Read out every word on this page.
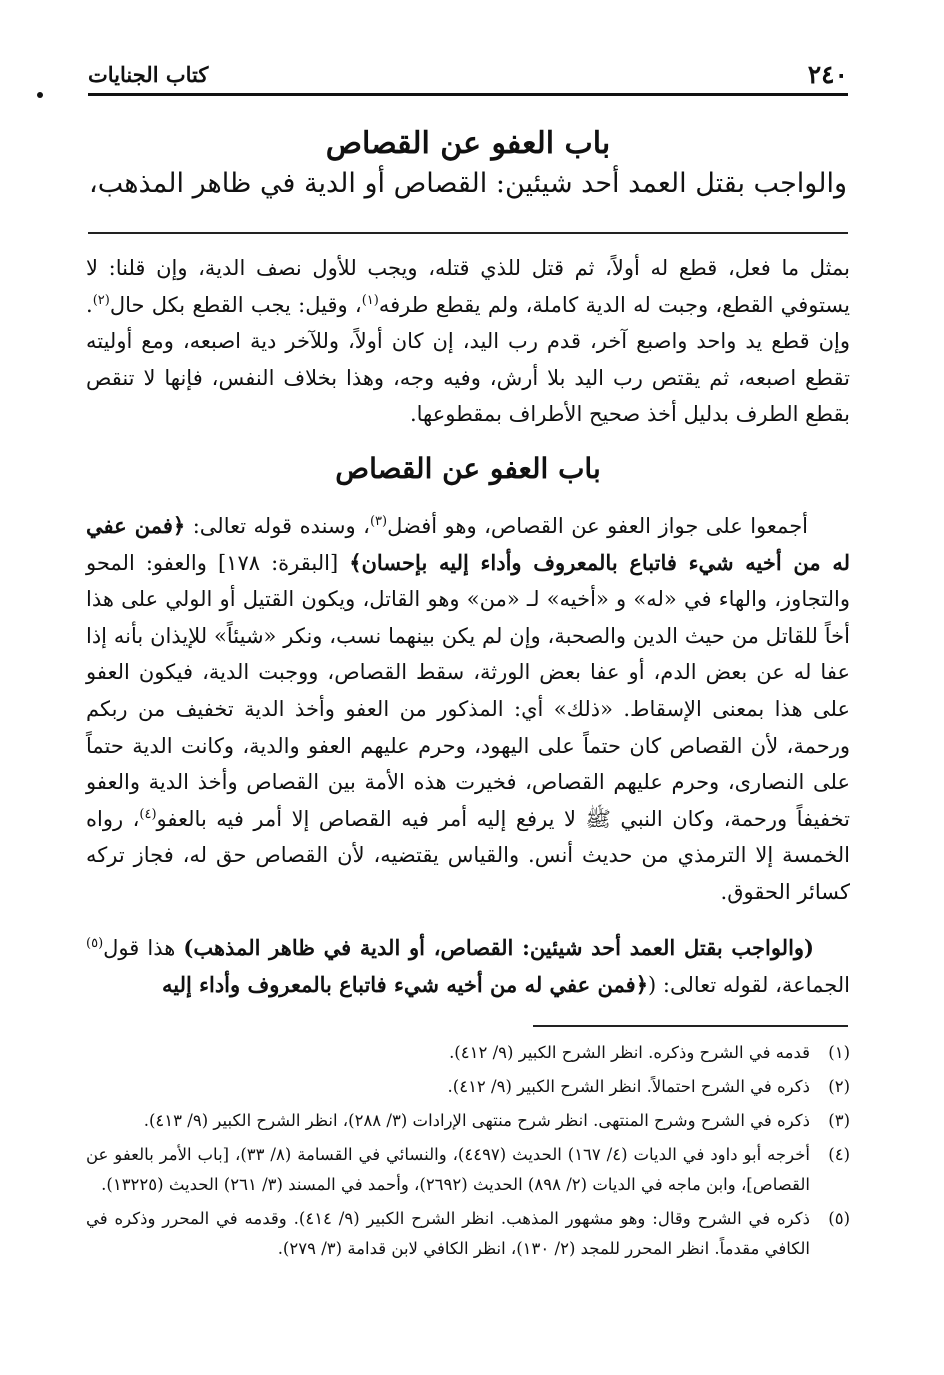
٢٤٠
كتاب الجنايات
باب العفو عن القصاص
والواجب بقتل العمد أحد شيئين: القصاص أو الدية في ظاهر المذهب،
بمثل ما فعل، قطع له أولاً، ثم قتل للذي قتله، ويجب للأول نصف الدية، وإن قلنا: لا يستوفي القطع، وجبت له الدية كاملة، ولم يقطع طرفه$^{(١)}$، وقيل: يجب القطع بكل حال$^{(٢)}$. وإن قطع يد واحد واصبع آخر، قدم رب اليد، إن كان أولاً، وللآخر دية اصبعه، ومع أوليته تقطع اصبعه، ثم يقتص رب اليد بلا أرش، وفيه وجه، وهذا بخلاف النفس، فإنها لا تنقص بقطع الطرف بدليل أخذ صحيح الأطراف بمقطوعها.
باب العفو عن القصاص
أجمعوا على جواز العفو عن القصاص، وهو أفضل$^{(٣)}$، وسنده قوله تعالى: ﴿فمن عفي له من أخيه شيء فاتباع بالمعروف وأداء إليه بإحسان﴾ [البقرة: ١٧٨] والعفو: المحو والتجاوز، والهاء في «له» و «أخيه» لـ «من» وهو القاتل، ويكون القتيل أو الولي على هذا أخاً للقاتل من حيث الدين والصحبة، وإن لم يكن بينهما نسب، ونكر «شيئاً» للإيذان بأنه إذا عفا له عن بعض الدم، أو عفا بعض الورثة، سقط القصاص، ووجبت الدية، فيكون العفو على هذا بمعنى الإسقاط. «ذلك» أي: المذكور من العفو وأخذ الدية تخفيف من ربكم ورحمة، لأن القصاص كان حتماً على اليهود، وحرم عليهم العفو والدية، وكانت الدية حتماً على النصارى، وحرم عليهم القصاص، فخيرت هذه الأمة بين القصاص وأخذ الدية والعفو تخفيفاً ورحمة، وكان النبي ﷺ لا يرفع إليه أمر فيه القصاص إلا أمر فيه بالعفو$^{(٤)}$، رواه الخمسة إلا الترمذي من حديث أنس. والقياس يقتضيه، لأن القصاص حق له، فجاز تركه كسائر الحقوق.
(والواجب بقتل العمد أحد شيئين: القصاص، أو الدية في ظاهر المذهب) هذا قول$^{(٥)}$ الجماعة، لقوله تعالى: (﴿فمن عفي له من أخيه شيء فاتباع بالمعروف وأداء إليه
(١)
قدمه في الشرح وذكره. انظر الشرح الكبير (٩/ ٤١٢).
(٢)
ذكره في الشرح احتمالاً. انظر الشرح الكبير (٩/ ٤١٢).
(٣)
ذكره في الشرح وشرح المنتهى. انظر شرح منتهى الإرادات (٣/ ٢٨٨)، انظر الشرح الكبير (٩/ ٤١٣).
(٤)
أخرجه أبو داود في الديات (٤/ ١٦٧) الحديث (٤٤٩٧)، والنسائي في القسامة (٨/ ٣٣)، [باب الأمر بالعفو عن القصاص]، وابن ماجه في الديات (٢/ ٨٩٨) الحديث (٢٦٩٢)، وأحمد في المسند (٣/ ٢٦١) الحديث (١٣٢٢٥).
(٥)
ذكره في الشرح وقال: وهو مشهور المذهب. انظر الشرح الكبير (٩/ ٤١٤). وقدمه في المحرر وذكره في الكافي مقدماً. انظر المحرر للمجد (٢/ ١٣٠)، انظر الكافي لابن قدامة (٣/ ٢٧٩).
